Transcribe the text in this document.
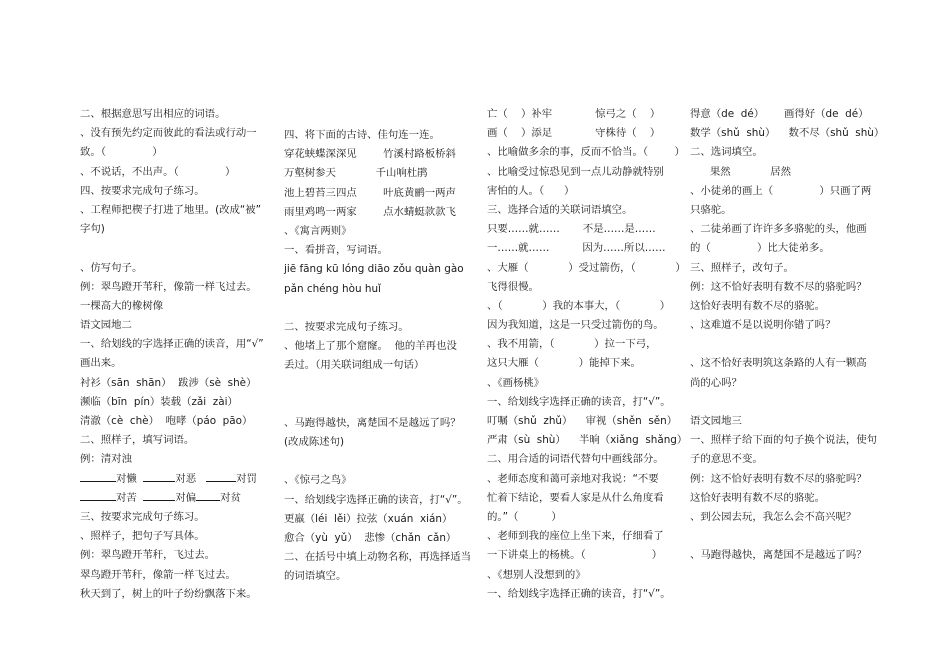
二、根据意思写出相应的词语。
、没有预先约定而彼此的看法或行动一
致。（              ）
、不说话，不出声。（              ）
四、按要求完成句子练习。
、工程师把楔子打进了地里。(改成“被”
字句)
、仿写句子。
例：翠鸟蹬开苇秆，像箭一样飞过去。
一棵高大的橡树像
语文园地二
一、给划线的字选择正确的读音，用“√”
画出来。
衬衫（sān  shān）  跋涉（sè  shè）
濒临（bīn  pín）装载（zǎi  zài）
清澈（cè  chè）  咆哮（páo  pāo）
二、照样子，填写词语。
例：清对浊
对懒	对恶	对罚
对苦	对偏 对贫
三、按要求完成句子练习。
、照样子，把句子写具体。
例：翠鸟蹬开苇秆，飞过去。
翠鸟蹬开苇秆，像箭一样飞过去。
秋天到了，树上的叶子纷纷飘落下来。
四、将下面的古诗、佳句连一连。
穿花蛱蝶深深见	竹溪村路板桥斜
万壑树参天	千山响杜鹃
池上碧苔三四点	叶底黄鹂一两声
雨里鸡鸣一两家	点水蜻蜓款款飞
、《寓言两则》
一、看拼音，写词语。
jiē fāng kū lóng diāo zǒu quàn gào pǎn chéng hòu huǐ
二、按要求完成句子练习。
、他堵上了那个窟窿。  他的羊再也没
丢过。（用关联词组成一句话）
、马跑得越快，离楚国不是越远了吗？
(改成陈述句)
、《惊弓之鸟》
一、给划线字选择正确的读音，打“√”。
更羸（léi  lěi）拉弦（xuán  xián）
愈合（yù  yǔ）  悲惨（chǎn  cǎn）
二、在括号中填上动物名称，再选择适当
的词语填空。
亡（    ）补牢             惊弓之（    ）
画（    ）添足             守株待（    ）
、比喻做多余的事，反而不恰当。（        ）
、比喻受过惊恐见到一点儿动静就特别
害怕的人。（      ）
三、选择合适的关联词语填空。
只要……就……       不是……是……
一……就……          因为……所以……
、大雁（            ）受过箭伤，（            ）
飞得很慢。
、（            ）我的本事大，（            ）
因为我知道，这是一只受过箭伤的鸟。
、我不用箭，（            ）拉一下弓，
这只大雁（            ）能掉下来。
、《画杨桃》
一、给划线字选择正确的读音，打“√”。
叮嘱（shǔ  zhǔ）    审视（shěn  sěn）
严肃（sù  shù）    半晌（xiǎng  shǎng）
二、用合适的词语代替句中画线部分。
、老师态度和蔼可亲地对我说：“不要
忙着下结论，要看人家是从什么角度看
的。”（          ）
、老师到我的座位上坐下来，仔细看了
一下讲桌上的杨桃。（                    ）
、《想别人没想到的》
一、给划线字选择正确的读音，打“√”。
得意（de  dé）      画得好（de  dé）
数学（shǔ  shù）    数不尽（shǔ  shù）
二、选词填空。
果然	居然
、小徒弟的画上（              ）只画了两
只骆驼。
、二徒弟画了许许多多骆驼的头，他画
的（              ）比大徒弟多。
三、照样子，改句子。
例：这不恰好表明有数不尽的骆驼吗？
这恰好表明有数不尽的骆驼。
、这难道不是以说明你错了吗？
、这不恰好表明筑这条路的人有一颗高
尚的心吗？
语文园地三
一、照样子给下面的句子换个说法，使句
子的意思不变。
例：这不恰好表明有数不尽的骆驼吗？
这恰好表明有数不尽的骆驼。
、到公园去玩，我怎么会不高兴呢？
、马跑得越快，离楚国不是越远了吗？
